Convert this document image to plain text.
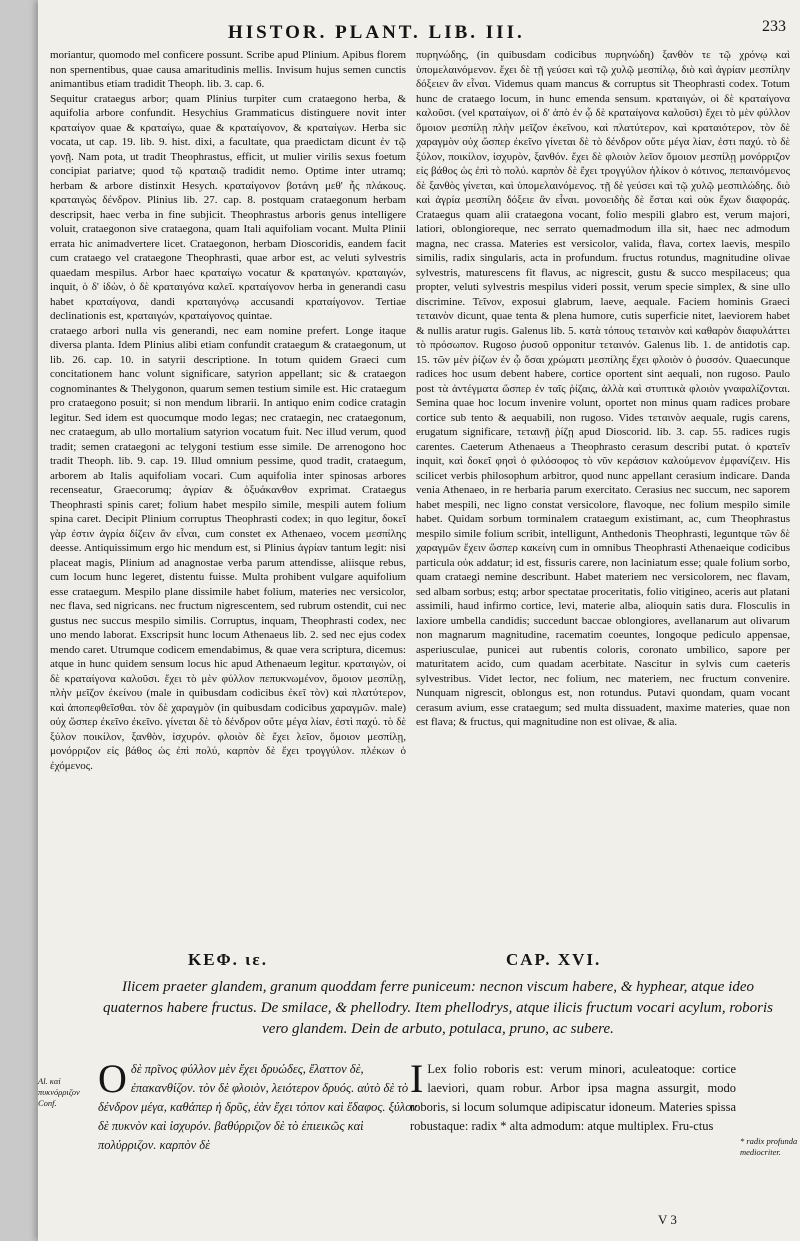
HISTOR. PLANT. LIB. III.	233

moriantur, quomodo mel conficere possunt. Scribe apud Plinium. Apibus florem non spernentibus, quae causa amaritudinis mellis. Invisum hujus semen cunctis animantibus etiam tradidit Theoph. lib. 3. cap. 6.

Sequitur crataegus arbor; quam Plinius turpiter cum crataegono herba, & aquifolia arbore confundit. Hesychius Grammaticus distinguere novit inter κραταίγον quae & κραταίγω, quae & κραταίγονον, & κραταίγων. Herba sic vocata, ut cap. 19. lib. 9. hist. dixi, a facultate, qua praedictam dicunt ἐν τῷ γονῇ. Nam pota, ut tradit Theophrastus, efficit, ut mulier virilis sexus foetum concipiat pariatve; quod τῷ κραταιῷ tradidit nemo. Optime inter utramq; herbam & arbore distinxit Hesych. κραταίγονον βοτάνη μεθ' ἧς πλάκους. κραταιγὼς δένδρον. Plinius lib. 27. cap. 8. postquam crataegonum herbam descripsit, haec verba in fine subjicit. Theophrastus arboris genus intelligere voluit, crataegonon sive crataegona, quam Itali aquifoliam vocant. Multa Plinii errata hic animadvertere licet. Crataegonon, herbam Dioscoridis, eandem facit cum crataego vel crataegone Theophrasti, quae arbor est, ac veluti sylvestris quaedam mespilus. Arbor haec κραταίγω vocatur & κραταιγών. κραταιγών, inquit, ὁ δ' ἰδὼν, ὁ δὲ κραταιγόνα καλεῖ. κραταίγονον herba in generandi casu habet κραταίγονα, dandi κραταιγόνῳ accusandi κραταίγονον. Tertiae declinationis est, κραταιγών, κραταίγονος quintae.

crataego arbori nulla vis generandi, nec eam nomine prefert. Longe itaque diversa planta. Idem Plinius alibi etiam confundit crataegum & crataegonum, ut lib. 26. cap. 10. in satyrii descriptione. In totum quidem Graeci cum concitationem hanc volunt significare, satyrion appellant; sic & crataegon cognominantes & Thelygonon, quarum semen testium simile est. Hic crataegum pro crataegono posuit; si non mendum librarii. In antiquo enim codice cratagin legitur. Sed idem est quocumque modo legas; nec crataegin, nec crataegonum, nec crataegum, ab ullo mortalium satyrion vocatum fuit. Nec illud verum, quod tradit; semen crataegoni ac telygoni testium esse simile. De arrenogono hoc tradit Theoph. lib. 9. cap. 19. Illud omnium pessime, quod tradit, crataegum, arborem ab Italis aquifoliam vocari. Cum aquifolia inter spinosas arbores recenseatur, Graecorumq; ἀγρίαν & ὀξυάκανθον exprimat. Crataegus Theophrasti spinis caret; folium habet mespilo simile, mespili autem folium spina caret. Decipit Plinium corruptus Theophrasti codex; in quo legitur, δοκεῖ γὰρ ἐστιν ἀγρία δίζειν ἂν εἶναι, cum constet ex Athenaeo, vocem μεσπίλης deesse. Antiquissimum ergo hic mendum est, si Plinius ἀγρίαν tantum legit: nisi placeat magis, Plinium ad anagnostae verba parum attendisse, aliisque rebus, cum locum hunc legeret, distentu fuisse. Multa prohibent vulgare aquifolium esse crataegum. Mespilo plane dissimile habet folium, materies nec versicolor, nec flava, sed nigricans. nec fructum nigrescentem, sed rubrum ostendit, cui nec gustus nec succus mespilo similis. Corruptus, inquam, Theophrasti codex, nec uno mendo laborat. Exscripsit hunc locum Athenaeus lib. 2. sed nec ejus codex mendo caret. Utrumque codicem emendabimus, & quae vera scriptura, dicemus: atque in hunc quidem sensum locus hic apud Athenaeum legitur. κραταιγὼν, οἱ δὲ κραταίγονα καλοῦσι. ἔχει τὸ μὲν φύλλον πεπυκνωμένον, ὅμοιον μεσπίλῃ, πλὴν μεῖζον ἐκείνου (male in quibusdam codicibus ἐκεῖ τὸν) καὶ πλατύτερον, καὶ ἀποπεφθεῖσθαι. τὸν δὲ χαραγμὸν (in quibusdam codicibus χαραγμῶν. male) οὐχ ὥσπερ ἐκεῖνο ἐκεῖνο. γίνεται δὲ τὸ δένδρον οὔτε μέγα λίαν, ἐστὶ παχύ. τὸ δὲ ξύλον ποικίλον, ξανθὸν, ἰσχυρόν. φλοιὸν δὲ ἔχει λεῖον, ὅμοιον μεσπίλῃ, μονόρριζον εἰς βάθος ὡς ἐπὶ πολύ, καρπὸν δὲ ἔχει τρογγύλον. πλέκων ὁ ἐχόμενος.

πυρηνώδης, (in quibusdam codicibus πυρηνώδη) ξανθὸν τε τῷ χρόνῳ καὶ ὑπομελαινόμενον. ἔχει δὲ τῇ γεύσει καὶ τῷ χυλῷ μεσπίλῳ, διὸ καὶ ἀγρίαν μεσπίλην δόξειεν ἂν εἶναι. Videmus quam mancus & corruptus sit Theophrasti codex. Totum hunc de crataego locum, in hunc emenda sensum. κραταιγὼν, οἱ δὲ κραταίγονα καλοῦσι. (vel κραταίγων, οἱ δ' ἀπὸ ἐν ᾧ δὲ κραταίγονα καλοῦσι) ἔχει τὸ μὲν φύλλον ὅμοιον μεσπίλῃ πλὴν μεῖζον ἐκεῖνου, καὶ πλατύτερον, καὶ κραταιότερον, τὸν δὲ χαραγμὸν οὐχ ὥσπερ ἐκεῖνο γίνεται δὲ τὸ δένδρον οὔτε μέγα λίαν, ἐστι παχύ. τὸ δὲ ξύλον, ποικίλον, ἰσχυρὸν, ξανθόν. ἔχει δὲ φλοιὸν λεῖον ὅμοιον μεσπίλῃ μονόρριζον εἰς βάθος ὡς ἐπὶ τὸ πολύ. καρπὸν δὲ ἔχει τρογγύλον ἡλίκον ὁ κότινος, πεπαινόμενος δὲ ξανθὸς γίνεται, καὶ ὑπομελαινόμενος. τῇ δὲ γεύσει καὶ τῷ χυλῷ μεσπιλώδης. διὸ καὶ ἀγρία μεσπίλη δόξειε ἂν εἶναι. μονοειδὴς δὲ ἔσται καὶ οὐκ ἔχων διαφοράς. Crataegus quam alii crataegona vocant, folio mespili glabro est, verum majori, latiori, oblongioreque, nec serrato quemadmodum illa sit, haec nec admodum magna, nec crassa. Materies est versicolor, valida, flava, cortex laevis, mespilo similis, radix singularis, acta in profundum. fructus rotundus, magnitudine olivae sylvestris, maturescens fit flavus, ac nigrescit, gustu & succo mespilaceus; qua propter, veluti sylvestris mespilus videri possit, verum specie simplex, & sine ullo discrimine. Τεῖνον, exposui glabrum, laeve, aequale. Faciem hominis Graeci τεταινὸν dicunt, quae tenta & plena humore, cutis superficie nitet, laeviorem habet & nullis aratur rugis. Galenus lib. 5. κατὰ τόπους τεταινὸν καὶ καθαρὸν διαφυλάττει τὸ πρόσωπον. Rugoso ῥυσοῦ opponitur τεταινόν. Galenus lib. 1. de antidotis cap. 15. τῶν μὲν ῥίζων ἐν ᾧ ὅσαι χρώματι μεσπίλης ἔχει φλοιὸν ὁ ῥυσσόν. Quaecunque radices hoc usum debent habere, cortice oportent sint aequali, non rugoso. Paulo post τὰ ἀντέγματα ὥσπερ ἐν ταῖς ῥίζαις, ἀλλὰ καὶ στυπτικὰ φλοιὸν γναφαλίζονται. Semina quae hoc locum invenire volunt, oportet non minus quam radices probare cortice sub tento & aequabili, non rugoso. Vides τεταινὸν aequale, rugis carens, erugatum significare, τεταινῇ ῥίζῃ apud Dioscorid. lib. 3. cap. 55. radices rugis carentes. Caeterum Athenaeus a Theophrasto cerasum describi putat. ὁ κρατεῖν inquit, καὶ δοκεῖ φησὶ ὁ φιλόσοφος τὸ νῦν κεράσιον καλούμενον ἐμφανίζειν. His scilicet verbis philosophum arbitror, quod nunc appellant cerasium indicare. Danda venia Athenaeo, in re herbaria parum exercitato. Cerasius nec succum, nec saporem habet mespili, nec ligno constat versicolore, flavoque, nec folium mespilo simile habet. Quidam sorbum torminalem crataegum existimant, ac, cum Theophrastus mespilo simile folium scribit, intelligunt, Anthedonis Theophrasti, leguntque τῶν δὲ χαραγμῶν ἔχειν ὥσπερ κακείνη cum in omnibus Theophrasti Athenaeique codicibus particula οὐκ addatur; id est, fissuris carere, non laciniatum esse; quale folium sorbo, quam crataegi nemine describunt. Habet materiem nec versicolorem, nec flavam, sed albam sorbus; estq; arbor spectatae proceritatis, folio vitigineo, aceris aut platani assimili, haud infirmo cortice, levi, materie alba, alioquin satis dura. Flosculis in laxiore umbella candidis; succedunt baccae oblongiores, avellanarum aut olivarum non magnarum magnitudine, racematim coeuntes, longoque pediculo appensae, asperiusculae, punicei aut rubentis coloris, coronato umbilico, sapore per maturitatem acido, cum quadam acerbitate. Nascitur in sylvis cum caeteris sylvestribus. Videt lector, nec folium, nec materiem, nec fructum convenire. Nunquam nigrescit, oblongus est, non rotundus. Putavi quondam, quam vocant cerasum avium, esse crataegum; sed multa dissuadent, maxime materies, quae non est flava; & fructus, qui magnitudine non est olivae, & alia.

ΚΕΦ. ιε.	CAP. XVI.
Ilicem praeter glandem, granum quoddam ferre puniceum: necnon viscum habere, & hyphear, atque ideo quaternos habere fructus. De smilace, & phellodry. Item phellodrys, atque ilicis fructum vocari acylum, roboris vero glandem. Dein de arbuto, potulaca, pruno, ac subere.
Al. καὶ πυκνόρριζον Conf.
Ο δὲ πρῖνος φύλλον μὲν ἔχει δρυώδες, ἔλαττον δὲ, ἐπακανθίζον. τὸν δὲ φλοιὸν, λειότερον δρυός. αὐτὸ δὲ τὸ δένδρον μέγα, καθάπερ ἡ δρῦς, ἐὰν ἔχει τόπον καὶ ἔδαφος. ξύλον δὲ πυκνὸν καὶ ἰσχυρόν. βαθύρριζον δὲ τὸ ἐπιεικῶς καὶ πολύρριζον. καρπὸν δὲ
I Lex folio roboris est: verum minori, aculeatoque: cortice laeviori, quam robur. Arbor ipsa magna assurgit, modo roboris, si locum solumque adipiscatur idoneum. Materies spissa robustaque: radix * alta admodum: atque multiplex. Fru-ctus
* radix profunda mediocriter.
V 3
